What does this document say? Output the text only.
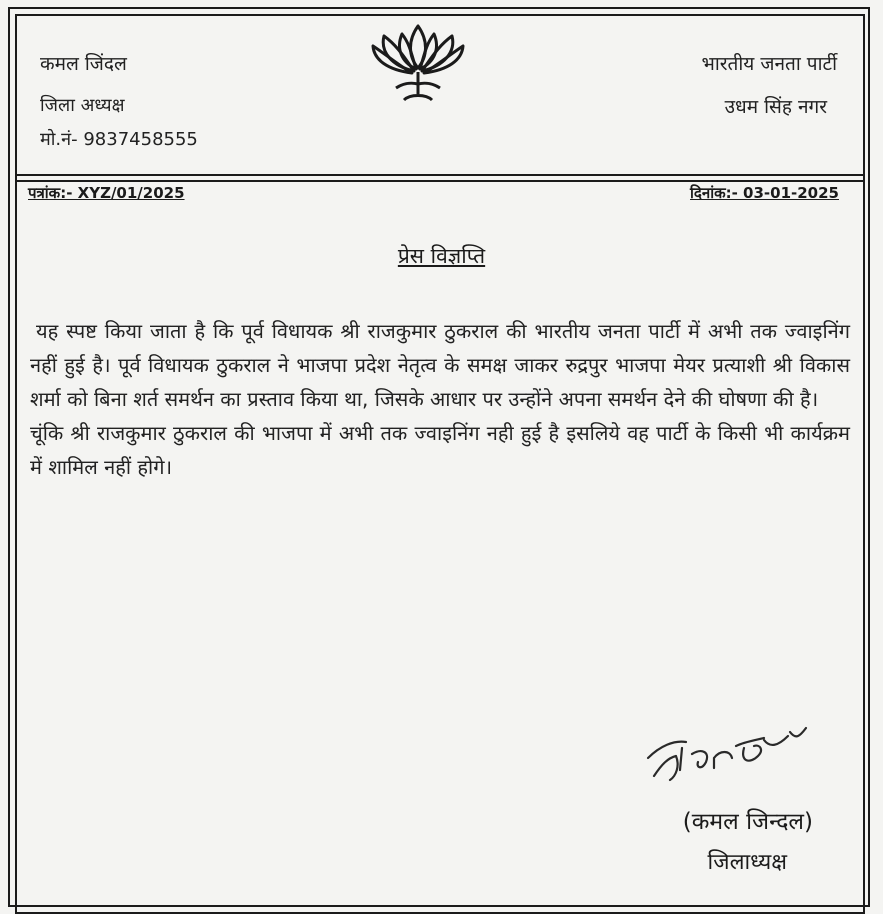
कमल जिंदल
जिला अध्यक्ष
मो.नं- 9837458555
भारतीय जनता पार्टी
उधम सिंह नगर
पत्रांक:- XYZ/01/2025	दिनांक:- 03-01-2025
प्रेस विज्ञप्ति

यह स्पष्ट किया जाता है कि पूर्व विधायक श्री राजकुमार ठुकराल की भारतीय जनता पार्टी में अभी तक ज्वाइनिंग नहीं हुई है। पूर्व विधायक ठुकराल ने भाजपा प्रदेश नेतृत्व के समक्ष जाकर रुद्रपुर भाजपा मेयर प्रत्याशी श्री विकास शर्मा को बिना शर्त समर्थन का प्रस्ताव किया था, जिसके आधार पर उन्होंने अपना समर्थन देने की घोषणा की है।

चूंकि श्री राजकुमार ठुकराल की भाजपा में अभी तक ज्वाइनिंग नही हुई है इसलिये वह पार्टी के किसी भी कार्यक्रम में शामिल नहीं होगे।

(कमल जिन्दल)
जिलाध्यक्ष
